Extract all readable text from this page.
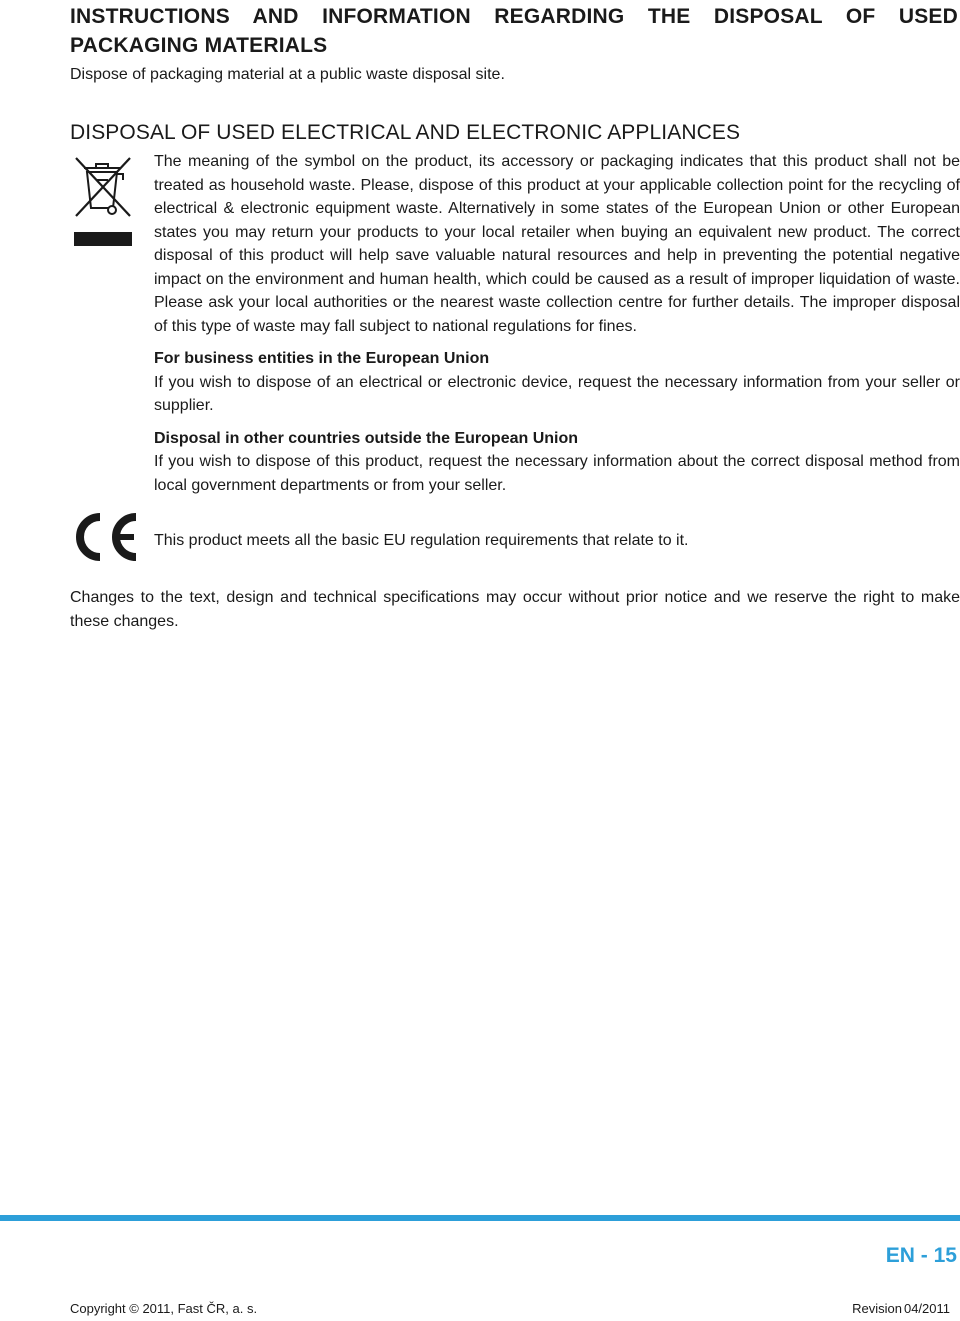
INSTRUCTIONS AND INFORMATION REGARDING THE DISPOSAL OF USED PACKAGING MATERIALS

Dispose of packaging material at a public waste disposal site.

DISPOSAL OF USED ELECTRICAL AND ELECTRONIC APPLIANCES

The meaning of the symbol on the product, its accessory or packaging indicates that this product shall not be treated as household waste. Please, dispose of this product at your applicable collection point for the recycling of electrical & electronic equipment waste. Alternatively in some states of the European Union or other European states you may return your products to your local retailer when buying an equivalent new product. The correct disposal of this product will help save valuable natural resources and help in preventing the potential negative impact on the environment and human health, which could be caused as a result of improper liquidation of waste. Please ask your local authorities or the nearest waste collection centre for further details. The improper disposal of this type of waste may fall subject to national regulations for fines.

For business entities in the European Union

If you wish to dispose of an electrical or electronic device, request the necessary information from your seller or supplier.

Disposal in other countries outside the European Union

If you wish to dispose of this product, request the necessary information about the correct disposal method from local government departments or from your seller.

This product meets all the basic EU regulation requirements that relate to it.

Changes to the text, design and technical specifications may occur without prior notice and we reserve the right to make these changes.

EN - 15
Copyright © 2011, Fast ČR, a. s.	Revision 04/2011
